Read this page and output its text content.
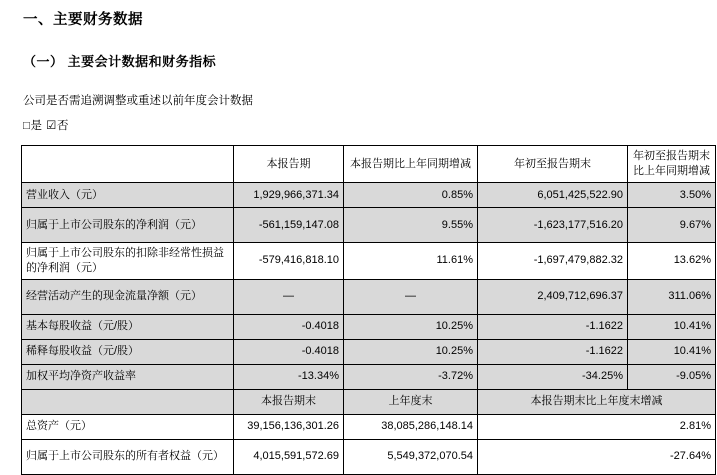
一、主要财务数据
（一） 主要会计数据和财务指标
公司是否需追溯调整或重述以前年度会计数据
□是 ☑否
	本报告期	本报告期比上年同期增减	年初至报告期末	年初至报告期末比上年同期增减
营业收入（元）	1,929,966,371.34	0.85%	6,051,425,522.90	3.50%
归属于上市公司股东的净利润（元）	-561,159,147.08	9.55%	-1,623,177,516.20	9.67%
归属于上市公司股东的扣除非经常性损益的净利润（元）	-579,416,818.10	11.61%	-1,697,479,882.32	13.62%
经营活动产生的现金流量净额（元）	—	—	2,409,712,696.37	311.06%
基本每股收益（元/股）	-0.4018	10.25%	-1.1622	10.41%
稀释每股收益（元/股）	-0.4018	10.25%	-1.1622	10.41%
加权平均净资产收益率	-13.34%	-3.72%	-34.25%	-9.05%
	本报告期末	上年度末	本报告期末比上年度末增减	
总资产（元）	39,156,136,301.26	38,085,286,148.14	2.81%	
归属于上市公司股东的所有者权益（元）	4,015,591,572.69	5,549,372,070.54	-27.64%	
